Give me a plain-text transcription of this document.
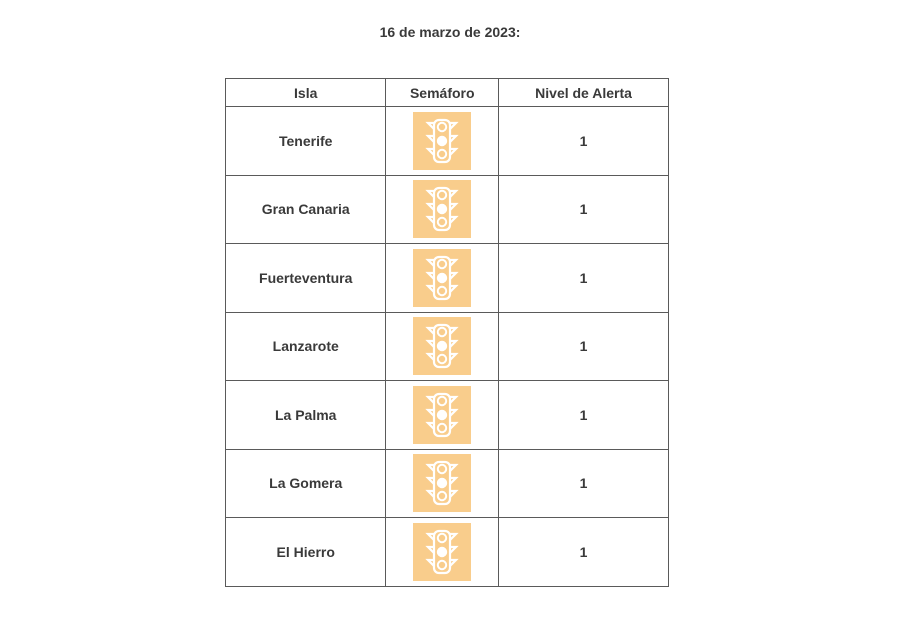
16 de marzo de 2023:
Isla	Semáforo	Nivel de Alerta
Tenerife		1
Gran Canaria		1
Fuerteventura		1
Lanzarote		1
La Palma		1
La Gomera		1
El Hierro		1
